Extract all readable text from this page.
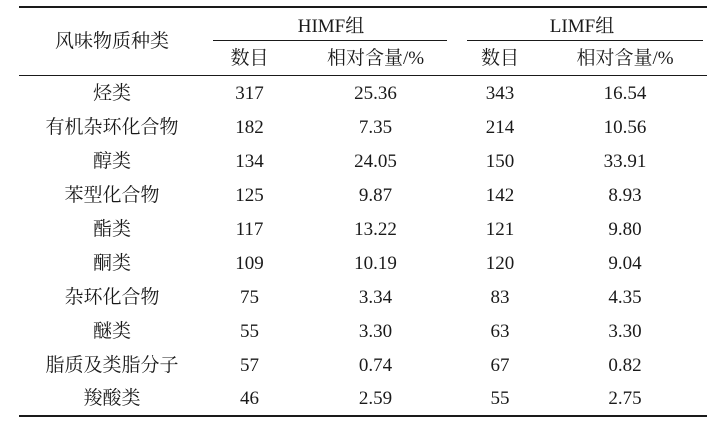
风味物质种类	HIMF组		LIMF组	
	数目	相对含量/%	数目	相对含量/%
烃类	317	25.36	343	16.54
有机杂环化合物	182	7.35	214	10.56
醇类	134	24.05	150	33.91
苯型化合物	125	9.87	142	8.93
酯类	117	13.22	121	9.80
酮类	109	10.19	120	9.04
杂环化合物	75	3.34	83	4.35
醚类	55	3.30	63	3.30
脂质及类脂分子	57	0.74	67	0.82
羧酸类	46	2.59	55	2.75
